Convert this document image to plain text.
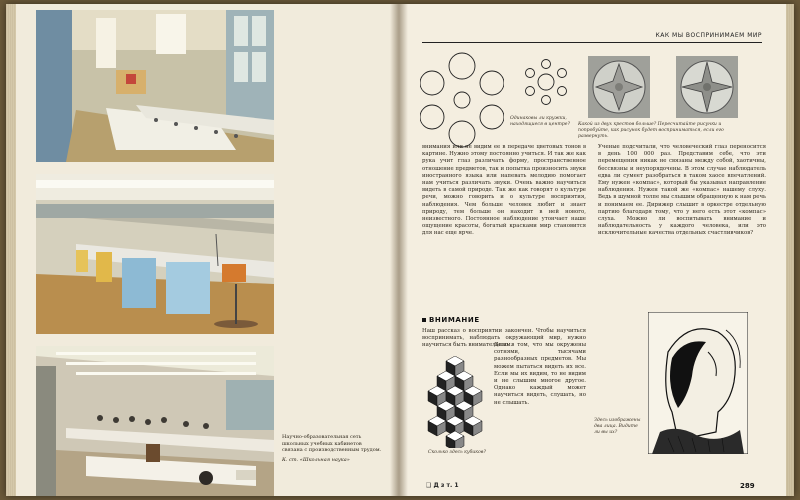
Научно-образовательная сеть школьных учебных кабинетов связана с производственным трудом.
К. ст. «Школьная наука»
КАК МЫ ВОСПРИНИМАЕМ МИР
Одинаковы ли кружки, находящиеся в центре? Какой из двух крестов больше? Пересчитайте рисунки и попробуйте, как рисунок будет восприниматься, если его развернуть.
внимания или не видим ее в передаче цветовых тонов в картине. Нужно этому постоянно учиться. И так же как рука учит глаз различать форму, пространственное отношение предметов, так и попытка произносить звуки иностранного языка или напевать мелодию помогает нам учиться различать звуки. Очень важно научиться видеть в самой природе. Так же как говорят о культуре речи, можно говорить и о культуре восприятия, наблюдения. Чем больше человек любит и знает природу, тем больше он находит в ней нового, неизвестного. Постоянное наблюдение утончает наше ощущение красоты, богатый красками мир становится для нас еще ярче.
Ученые подсчитали, что человеческий глаз переносится в день 100 000 раз. Представим себе, что эти перемещения никак не связаны между собой, хаотичны, бессвязны и неупорядочены. В этом случае наблюдатель едва ли сумеет разобраться в таком хаосе впечатлений. Ему нужен «компас», который бы указывал направление наблюдения. Нужен такой же «компас» нашему слуху. Ведь в шумной толпе мы слышим обращенную к нам речь и понимаем ее. Дирижер слышит в оркестре отдельную партию благодаря тому, что у него есть этот «компас» слуха. Можно ли воспитывать внимание и наблюдательность у каждого человека, или это исключительные качества отдельных счастливчиков?
ВНИМАНИЕ
Наш рассказ о восприятии закончен. Чтобы научиться воспринимать, наблюдать окружающий мир, нужно научиться быть внимательным.
Дело в том, что мы окружены сотнями, тысячами разнообразных предметов. Мы можем пытаться видеть их все. Если мы их видим, то не видим и не слышим многое другое. Однако каждый может научиться видеть, слушать, но не слышать.
Сколько здесь кубиков?
Здесь изображены два лица. Видите ли вы их?
❑ Д з т. 1	289
